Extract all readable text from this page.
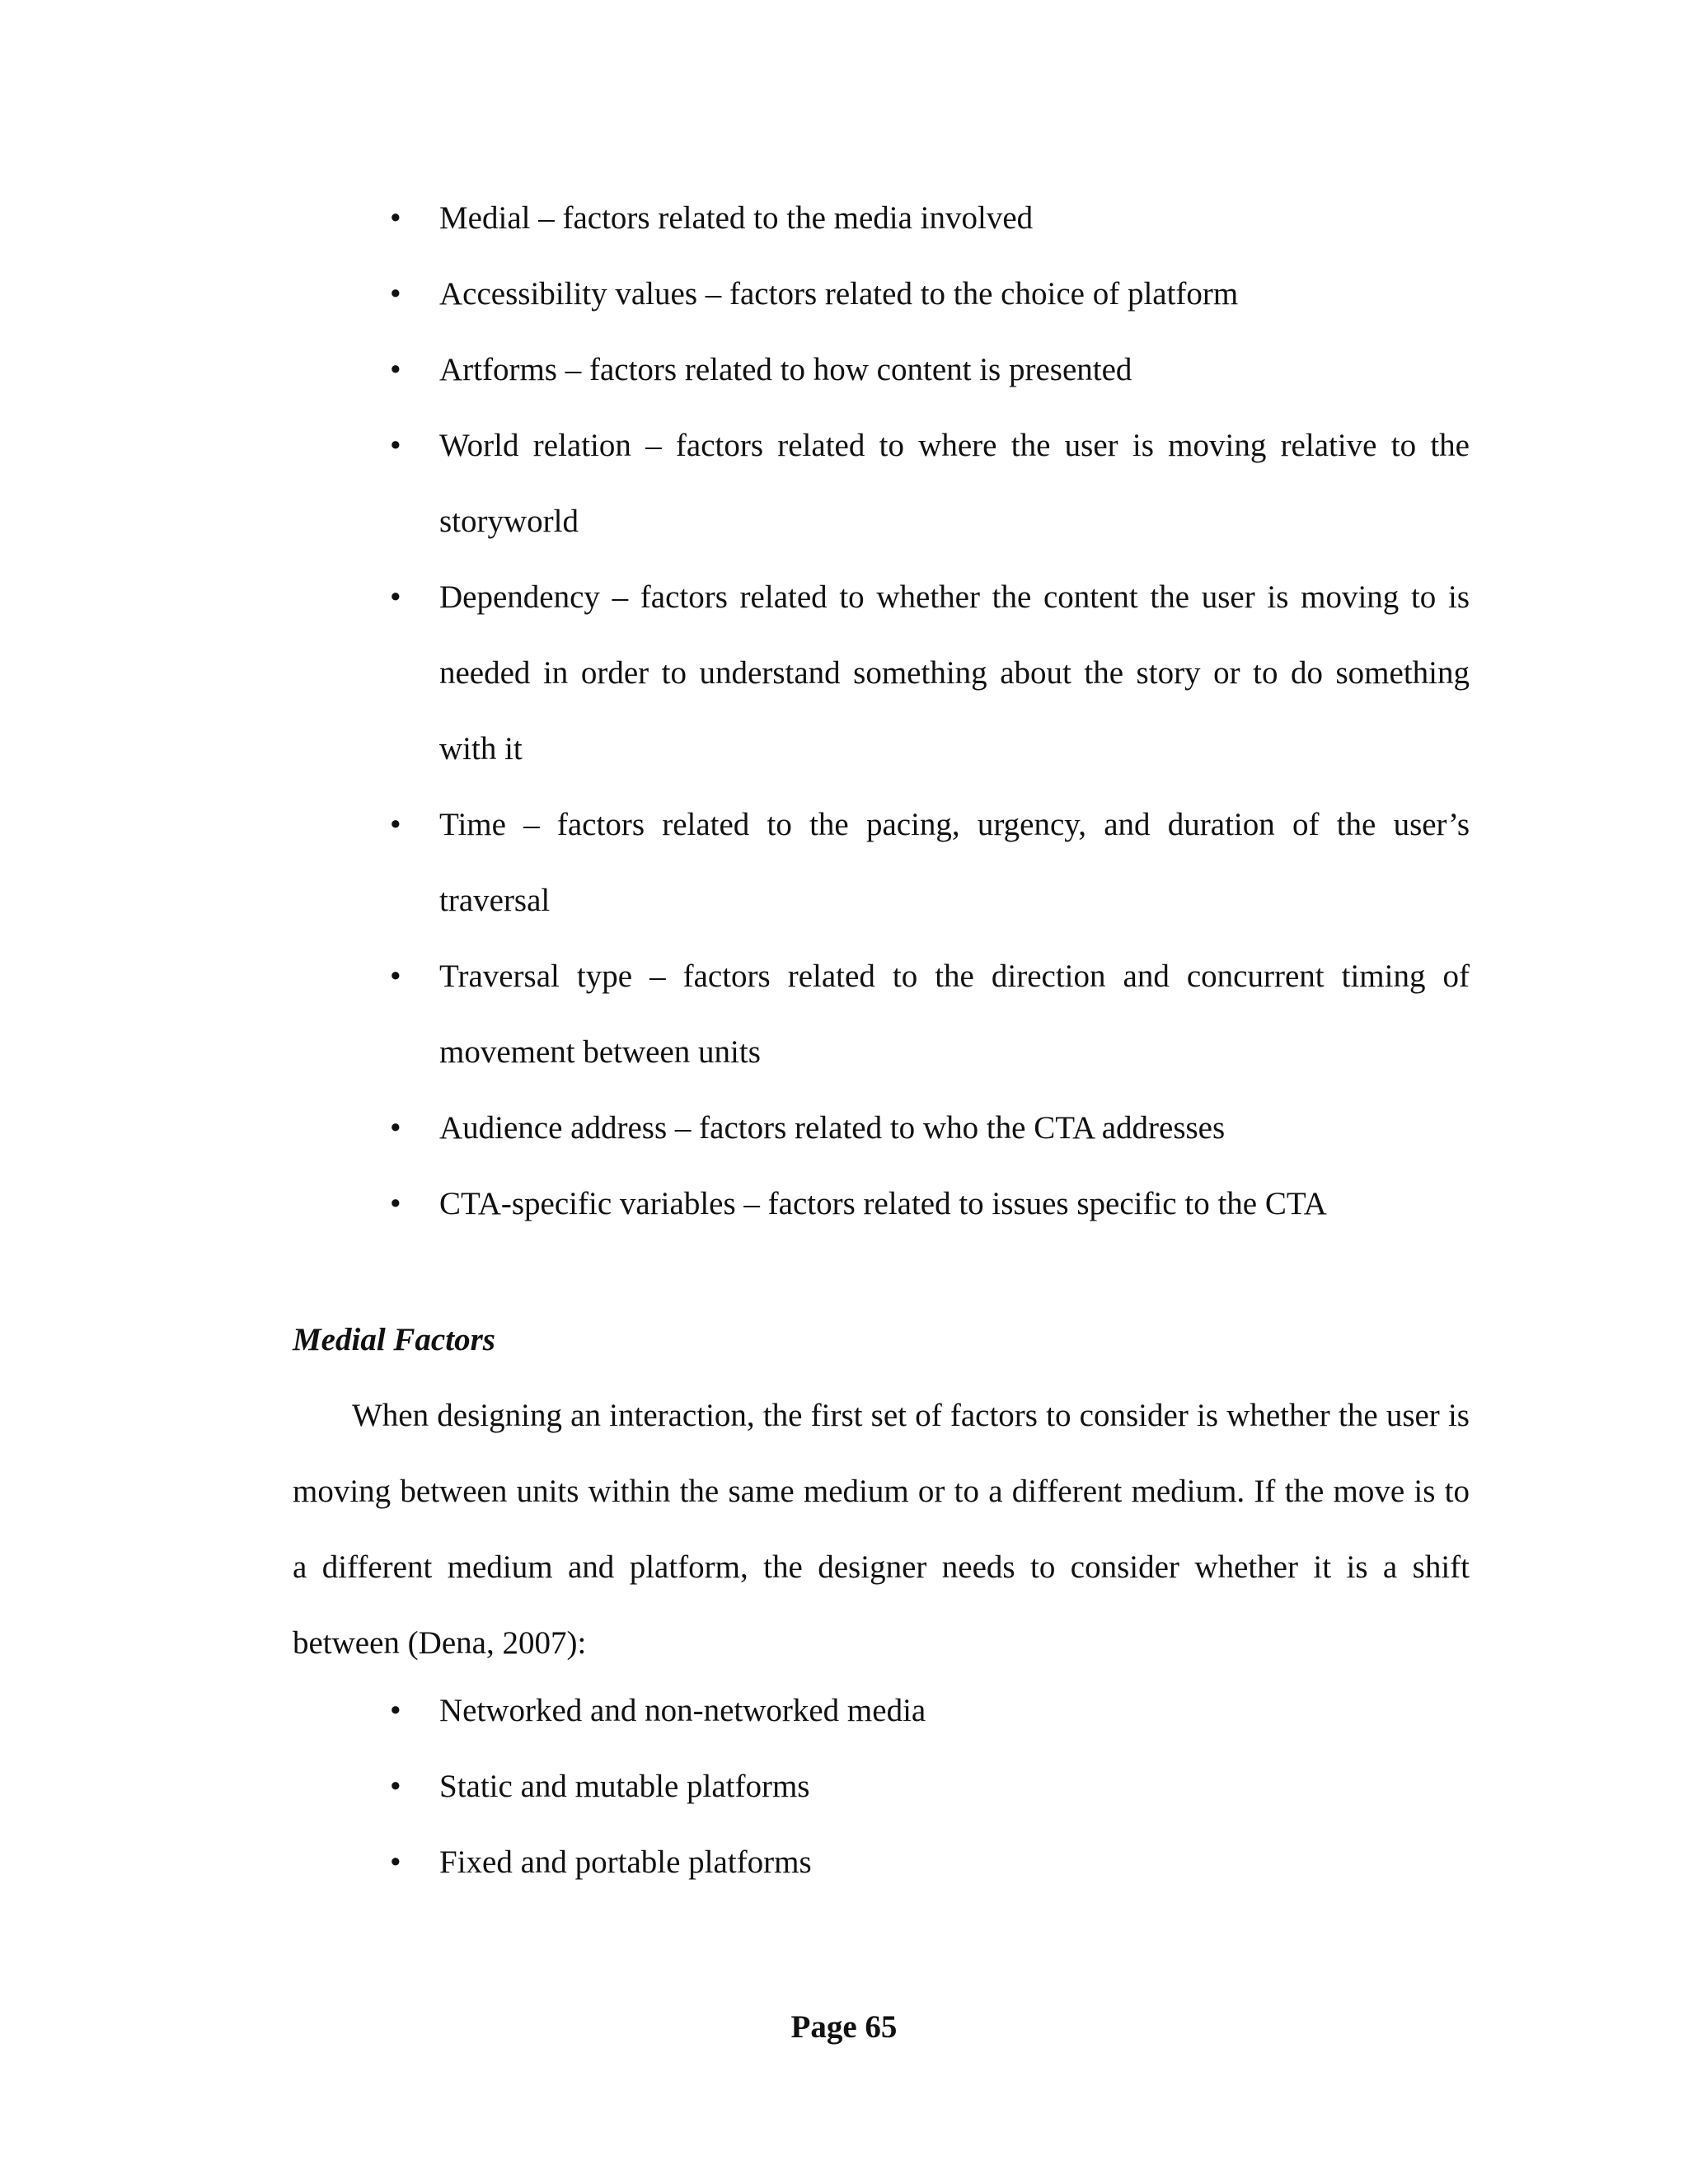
•	Medial – factors related to the media involved
•	Accessibility values – factors related to the choice of platform
•	Artforms – factors related to how content is presented
•	World relation – factors related to where the user is moving relative to the storyworld
•	Dependency – factors related to whether the content the user is moving to is needed in order to understand something about the story or to do something with it
•	Time – factors related to the pacing, urgency, and duration of the user’s traversal
•	Traversal type – factors related to the direction and concurrent timing of movement between units
•	Audience address – factors related to who the CTA addresses
•	CTA-specific variables – factors related to issues specific to the CTA
Medial Factors

When designing an interaction, the first set of factors to consider is whether the user is moving between units within the same medium or to a different medium. If the move is to a different medium and platform, the designer needs to consider whether it is a shift between (Dena, 2007):

•	Networked and non-networked media
•	Static and mutable platforms
•	Fixed and portable platforms
Page 65
